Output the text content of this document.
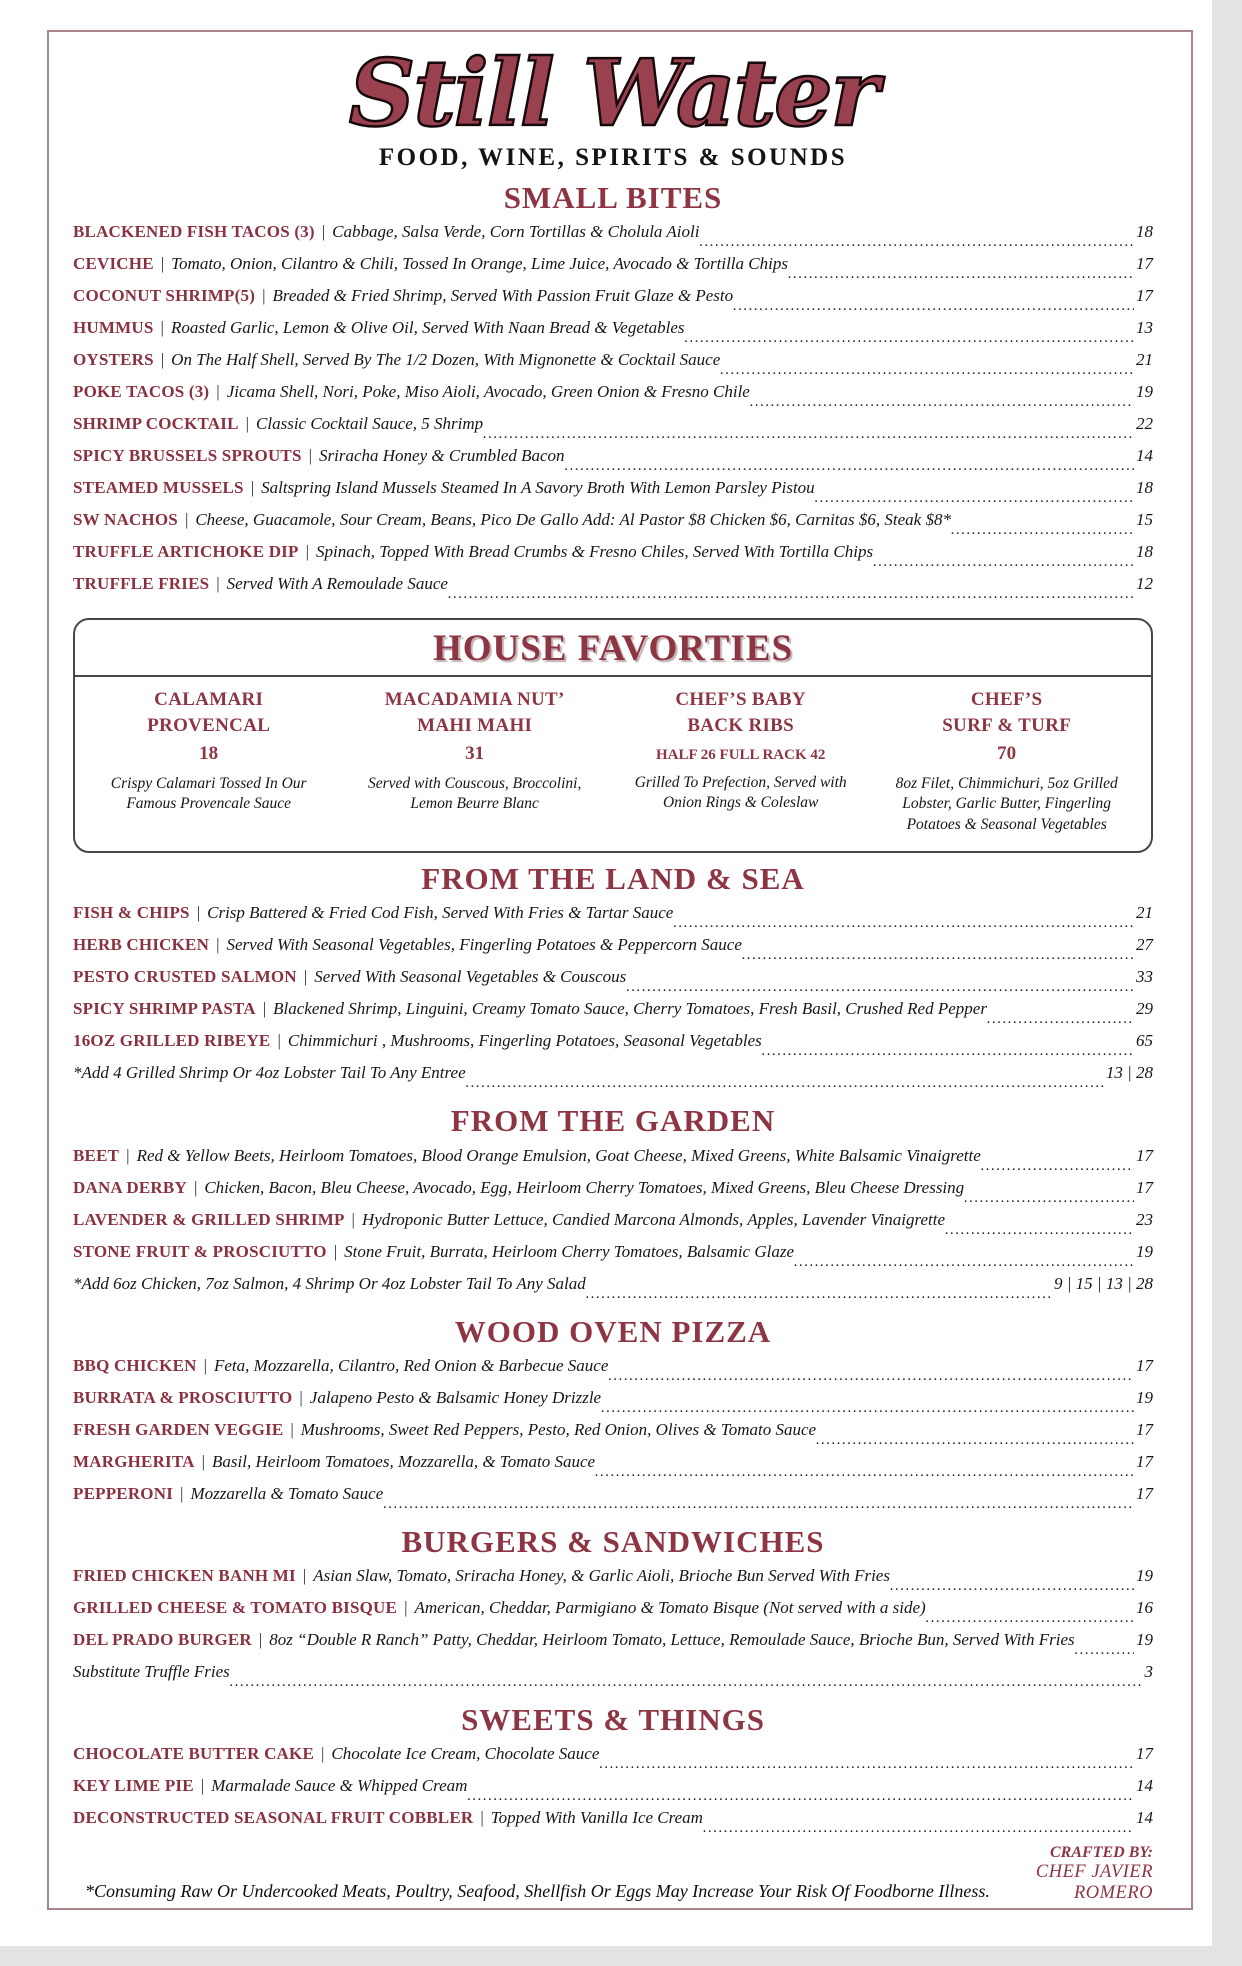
Still Water
FOOD, WINE, SPIRITS & SOUNDS
SMALL BITES
BLACKENED FISH TACOS (3) | Cabbage, Salsa Verde, Corn Tortillas & Cholula Aioli
.....	18
CEVICHE | Tomato, Onion, Cilantro & Chili, Tossed In Orange, Lime Juice, Avocado & Tortilla Chips
.....	17
COCONUT SHRIMP(5) | Breaded & Fried Shrimp, Served With Passion Fruit Glaze & Pesto
.....	17
HUMMUS | Roasted Garlic, Lemon & Olive Oil, Served With Naan Bread & Vegetables
.....	13
OYSTERS | On The Half Shell, Served By The 1/2 Dozen, With Mignonette & Cocktail Sauce
.....	21
POKE TACOS (3) | Jicama Shell, Nori, Poke, Miso Aioli, Avocado, Green Onion & Fresno Chile
.....	19
SHRIMP COCKTAIL | Classic Cocktail Sauce, 5 Shrimp
.....	22
SPICY BRUSSELS SPROUTS | Sriracha Honey & Crumbled Bacon
.....	14
STEAMED MUSSELS | Saltspring Island Mussels Steamed In A Savory Broth With Lemon Parsley Pistou
.....	18
SW NACHOS | Cheese, Guacamole, Sour Cream, Beans, Pico De Gallo Add: Al Pastor $8 Chicken $6, Carnitas $6, Steak $8*
.....	15
TRUFFLE ARTICHOKE DIP | Spinach, Topped With Bread Crumbs & Fresno Chiles, Served With Tortilla Chips
.....	18
TRUFFLE FRIES | Served With A Remoulade Sauce
.....	12
HOUSE FAVORTIES
CALAMARI
PROVENCAL
18
Crispy Calamari Tossed In Our Famous Provencale Sauce
MACADAMIA NUT’
MAHI MAHI
31
Served with Couscous, Broccolini, Lemon Beurre Blanc
CHEF’S BABY
BACK RIBS
HALF 26 FULL RACK 42
Grilled To Prefection, Served with Onion Rings & Coleslaw
CHEF’S
SURF & TURF
70
8oz Filet, Chimmichuri, 5oz Grilled Lobster, Garlic Butter, Fingerling Potatoes & Seasonal Vegetables
FROM THE LAND & SEA
FISH & CHIPS | Crisp Battered & Fried Cod Fish, Served With Fries & Tartar Sauce
.....	21
HERB CHICKEN | Served With Seasonal Vegetables, Fingerling Potatoes & Peppercorn Sauce
.....	27
PESTO CRUSTED SALMON | Served With Seasonal Vegetables & Couscous
.....	33
SPICY SHRIMP PASTA | Blackened Shrimp, Linguini, Creamy Tomato Sauce, Cherry Tomatoes, Fresh Basil, Crushed Red Pepper
.....	29
16OZ GRILLED RIBEYE | Chimmichuri , Mushrooms, Fingerling Potatoes, Seasonal Vegetables
.....	65
*Add 4 Grilled Shrimp Or 4oz Lobster Tail To Any Entree
.....	13 | 28
FROM THE GARDEN
BEET | Red & Yellow Beets, Heirloom Tomatoes, Blood Orange Emulsion, Goat Cheese, Mixed Greens, White Balsamic Vinaigrette
.....	17
DANA DERBY | Chicken, Bacon, Bleu Cheese, Avocado, Egg, Heirloom Cherry Tomatoes, Mixed Greens, Bleu Cheese Dressing
.....	17
LAVENDER & GRILLED SHRIMP | Hydroponic Butter Lettuce, Candied Marcona Almonds, Apples, Lavender Vinaigrette
.....	23
STONE FRUIT & PROSCIUTTO | Stone Fruit, Burrata, Heirloom Cherry Tomatoes, Balsamic Glaze
.....	19
*Add 6oz Chicken, 7oz Salmon, 4 Shrimp Or 4oz Lobster Tail To Any Salad
.....	9 | 15 | 13 | 28
WOOD OVEN PIZZA
BBQ CHICKEN | Feta, Mozzarella, Cilantro, Red Onion & Barbecue Sauce
.....	17
BURRATA & PROSCIUTTO | Jalapeno Pesto & Balsamic Honey Drizzle
.....	19
FRESH GARDEN VEGGIE | Mushrooms, Sweet Red Peppers, Pesto, Red Onion, Olives & Tomato Sauce
.....	17
MARGHERITA | Basil, Heirloom Tomatoes, Mozzarella, & Tomato Sauce
.....	17
PEPPERONI | Mozzarella & Tomato Sauce
.....	17
BURGERS & SANDWICHES
FRIED CHICKEN BANH MI | Asian Slaw, Tomato, Sriracha Honey, & Garlic Aioli, Brioche Bun Served With Fries
.....	19
GRILLED CHEESE & TOMATO BISQUE | American, Cheddar, Parmigiano & Tomato Bisque (Not served with a side)
.....	16
DEL PRADO BURGER | 8oz “Double R Ranch” Patty, Cheddar, Heirloom Tomato, Lettuce, Remoulade Sauce, Brioche Bun, Served With Fries
.....	19
Substitute Truffle Fries
.....	3
SWEETS & THINGS
CHOCOLATE BUTTER CAKE | Chocolate Ice Cream, Chocolate Sauce
.....	17
KEY LIME PIE | Marmalade Sauce & Whipped Cream
.....	14
DECONSTRUCTED SEASONAL FRUIT COBBLER | Topped With Vanilla Ice Cream
.....	14
*Consuming Raw Or Undercooked Meats, Poultry, Seafood, Shellfish Or Eggs May Increase Your Risk Of Foodborne Illness.
CRAFTED BY:
CHEF JAVIER ROMERO
